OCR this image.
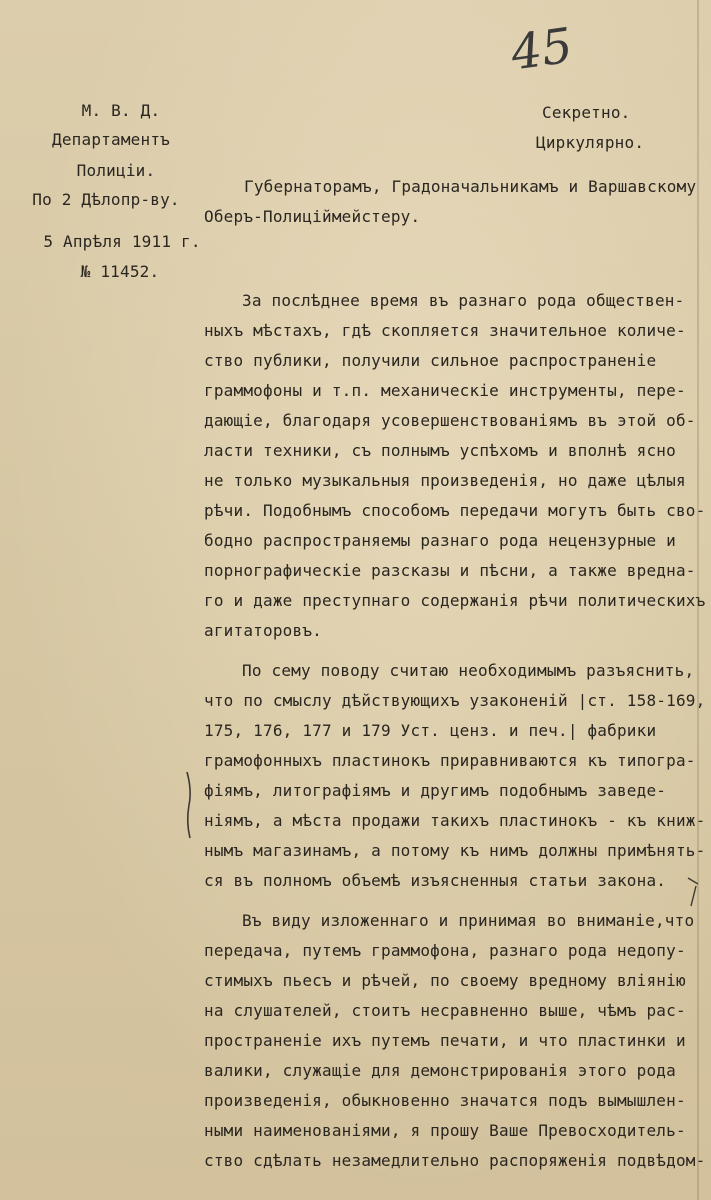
45
М. В. Д.
Департаментъ
Полиціи.
По 2 Дѣлопр-ву.
5 Апрѣля 1911 г.
№ 11452.
Секретно.
Циркулярно.
Губернаторамъ, Градоначальникамъ и Варшавскому
Оберъ-Полицiймейстеру.
За послѣднее время въ разнаго рода обществен-
ныхъ мѣстахъ, гдѣ скопляется значительное количе-
ство публики, получили сильное распространеніе
граммофоны и т.п. механическіе инструменты, пере-
дающіе, благодаря усовершенствованіямъ въ этой об-
ласти техники, съ полнымъ успѣхомъ и вполнѣ ясно
не только музыкальныя произведенія, но даже цѣлыя
рѣчи. Подобнымъ способомъ передачи могутъ быть сво-
бодно распространяемы разнаго рода нецензурные и
порнографическіе разсказы и пѣсни, а также вредна-
го и даже преступнаго содержанія рѣчи политическихъ
агитаторовъ.
По сему поводу считаю необходимымъ разъяснить,
что по смыслу дѣйствующихъ узаконеній |ст. 158-169,
175, 176, 177 и 179 Уст. ценз. и печ.| фабрики
грамофонныхъ пластинокъ приравниваются къ типогра-
фіямъ, литографіямъ и другимъ подобнымъ заведе-
ніямъ, а мѣста продажи такихъ пластинокъ - къ книж-
нымъ магазинамъ, а потому къ нимъ должны примѣнять-
ся въ полномъ объемѣ изъясненныя статьи закона.
Въ виду изложеннаго и принимая во вниманіе,что
передача, путемъ граммофона, разнаго рода недопу-
стимыхъ пьесъ и рѣчей, по своему вредному вліянію
на слушателей, стоитъ несравненно выше, чѣмъ рас-
пространеніе ихъ путемъ печати, и что пластинки и
валики, служащіе для демонстрированія этого рода
произведенія, обыкновенно значатся подъ вымышлен-
ными наименованіями, я прошу Ваше Превосходитель-
ство сдѣлать незамедлительно распоряженія подвѣдом-
